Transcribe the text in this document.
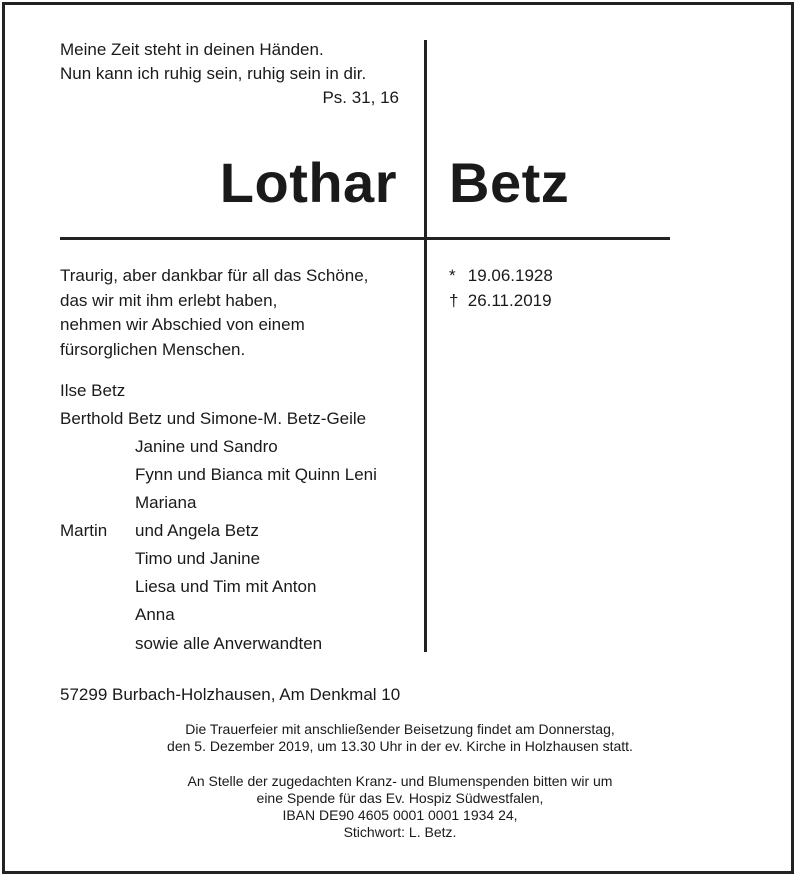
Meine Zeit steht in deinen Händen.
Nun kann ich ruhig sein, ruhig sein in dir.
Ps. 31, 16
Lothar Betz
Traurig, aber dankbar für all das Schöne,
das wir mit ihm erlebt haben,
nehmen wir Abschied von einem
fürsorglichen Menschen.
* 19.06.1928
† 26.11.2019
Ilse Betz
Berthold Betz und Simone-M. Betz-Geile
Janine und Sandro
Fynn und Bianca mit Quinn Leni
Mariana
Martin und Angela Betz
Timo und Janine
Liesa und Tim mit Anton
Anna
sowie alle Anverwandten
57299 Burbach-Holzhausen, Am Denkmal 10
Die Trauerfeier mit anschließender Beisetzung findet am Donnerstag,
den 5. Dezember 2019, um 13.30 Uhr in der ev. Kirche in Holzhausen statt.
An Stelle der zugedachten Kranz- und Blumenspenden bitten wir um
eine Spende für das Ev. Hospiz Südwestfalen,
IBAN DE90 4605 0001 0001 1934 24,
Stichwort: L. Betz.
